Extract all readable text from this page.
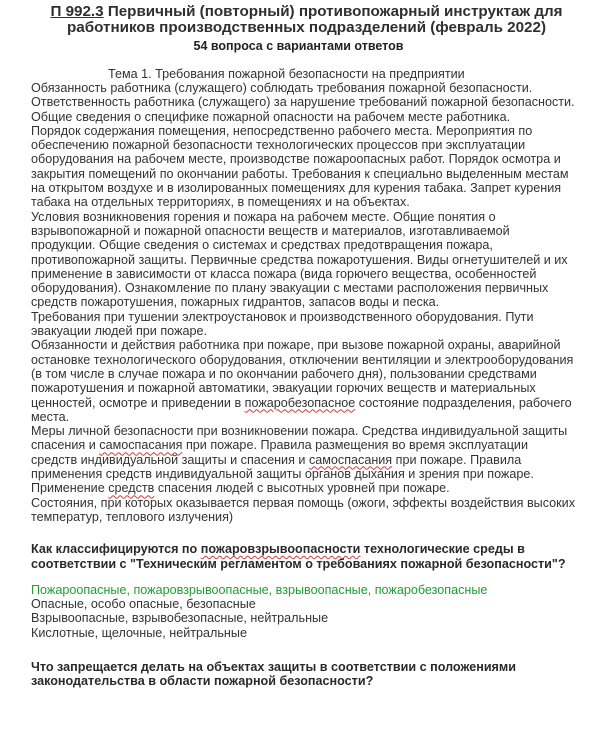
П 992.3 Первичный (повторный) противопожарный инструктаж для
работников производственных подразделений (февраль 2022)
54 вопроса с вариантами ответов
Тема 1. Требования пожарной безопасности на предприятии

Обязанность работника (служащего) соблюдать требования пожарной безопасности. Ответственность работника (служащего) за нарушение требований пожарной безопасности. Общие сведения о специфике пожарной опасности на рабочем месте работника.

Порядок содержания помещения, непосредственно рабочего места. Мероприятия по обеспечению пожарной безопасности технологических процессов при эксплуатации оборудования на рабочем месте, производстве пожароопасных работ. Порядок осмотра и закрытия помещений по окончании работы. Требования к специально выделенным местам на открытом воздухе и в изолированных помещениях для курения табака. Запрет курения табака на отдельных территориях, в помещениях и на объектах.

Условия возникновения горения и пожара на рабочем месте. Общие понятия о взрывопожарной и пожарной опасности веществ и материалов, изготавливаемой продукции. Общие сведения о системах и средствах предотвращения пожара, противопожарной защиты. Первичные средства пожаротушения. Виды огнетушителей и их применение в зависимости от класса пожара (вида горючего вещества, особенностей оборудования). Ознакомление по плану эвакуации с местами расположения первичных средств пожаротушения, пожарных гидрантов, запасов воды и песка.

Требования при тушении электроустановок и производственного оборудования. Пути эвакуации людей при пожаре.

Обязанности и действия работника при пожаре, при вызове пожарной охраны, аварийной остановке технологического оборудования, отключении вентиляции и электрооборудования (в том числе в случае пожара и по окончании рабочего дня), пользовании средствами пожаротушения и пожарной автоматики, эвакуации горючих веществ и материальных ценностей, осмотре и приведении в пожаробезопасное состояние подразделения, рабочего места.

Меры личной безопасности при возникновении пожара. Средства индивидуальной защиты спасения и самоспасания при пожаре. Правила размещения во время эксплуатации средств индивидуальной защиты и спасения и самоспасания при пожаре. Правила применения средств индивидуальной защиты органов дыхания и зрения при пожаре. Применение средств спасения людей с высотных уровней при пожаре.

Состояния, при которых оказывается первая помощь (ожоги, эффекты воздействия высоких температур, теплового излучения)

Как классифицируются по пожаровзрывоопасности технологические среды в соответствии с "Техническим регламентом о требованиях пожарной безопасности"?
Пожароопасные, пожаровзрывоопасные, взрывоопасные, пожаробезопасные
Опасные, особо опасные, безопасные
Взрывоопасные, взрывобезопасные, нейтральные
Кислотные, щелочные, нейтральные
Что запрещается делать на объектах защиты в соответствии с положениями законодательства в области пожарной безопасности?
